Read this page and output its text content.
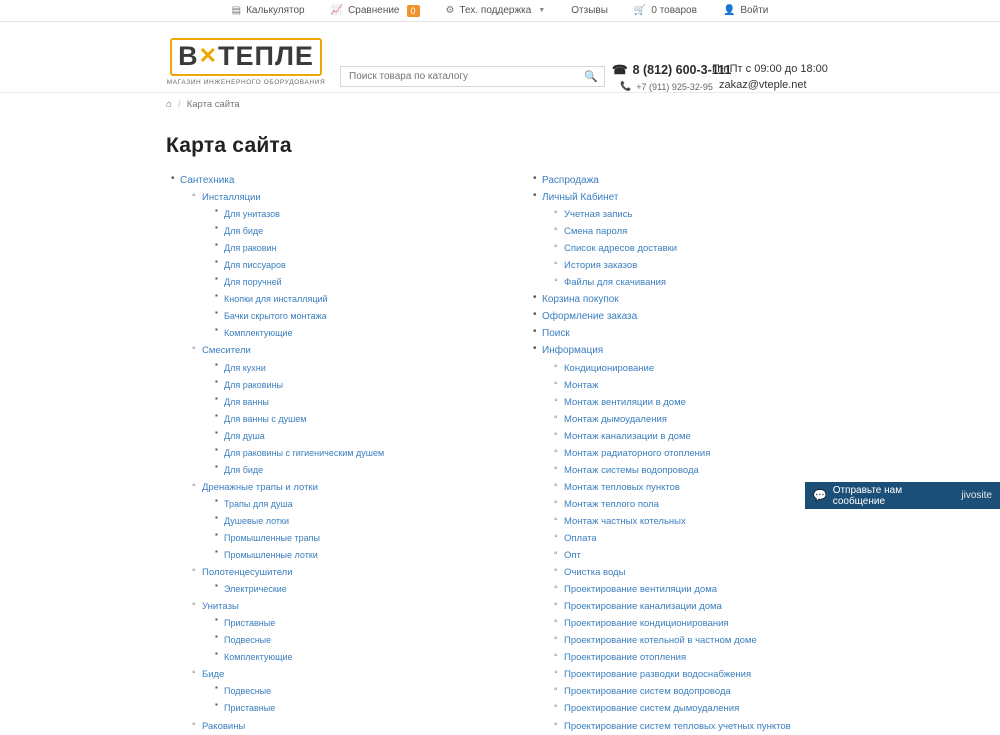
▤ Калькулятор	📈 Сравнение	0	⚙ Тех. поддержка ▼	Отзывы	🛒 0 товаров	👤 Войти
В✕ТЕПЛЕ
МАГАЗИН ИНЖЕНЕРНОГО ОБОРУДОВАНИЯ
Поиск товара по каталогу	🔍 ☎ 8 (812) 600-3-111
📞 +7 (911) 925-32-95
Пн-Пт с 09:00 до 18:00
zakaz@vteple.net
⌂ / Карта сайта
Карта сайта
• Сантехника
◦ Инсталляции
▪ Для унитазов
▪ Для биде
▪ Для раковин
▪ Для писсуаров
▪ Для поручней
▪ Кнопки для инсталляций
▪ Бачки скрытого монтажа
▪ Комплектующие
◦ Смесители
▪ Для кухни
▪ Для раковины
▪ Для ванны
▪ Для ванны с душем
▪ Для душа
▪ Для раковины с гигиеническим душем
▪ Для биде
◦ Дренажные трапы и лотки
▪ Трапы для душа
▪ Душевые лотки
▪ Промышленные трапы
▪ Промышленные лотки
◦ Полотенцесушители
▪ Электрические
◦ Унитазы
▪ Приставные
▪ Подвесные
▪ Комплектующие
◦ Биде
▪ Подвесные
▪ Приставные
◦ Раковины
• Распродажа
• Личный Кабинет
◦ Учетная запись
◦ Смена пароля
◦ Список адресов доставки
◦ История заказов
◦ Файлы для скачивания
• Корзина покупок
• Оформление заказа
• Поиск
• Информация
◦ Кондиционирование
◦ Монтаж
◦ Монтаж вентиляции в доме
◦ Монтаж дымоудаления
◦ Монтаж канализации в доме
◦ Монтаж радиаторного отопления
◦ Монтаж системы водопровода
◦ Монтаж тепловых пунктов
◦ Монтаж теплого пола
◦ Монтаж частных котельных
◦ Оплата
◦ Опт
◦ Очистка воды
◦ Проектирование вентиляции дома
◦ Проектирование канализации дома
◦ Проектирование кондиционирования
◦ Проектирование котельной в частном доме
◦ Проектирование отопления
◦ Проектирование разводки водоснабжения
◦ Проектирование систем водопровода
◦ Проектирование систем дымоудаления
◦ Проектирование систем тепловых учетных пунктов
💬 Отправьте нам сообщение	jivosite
